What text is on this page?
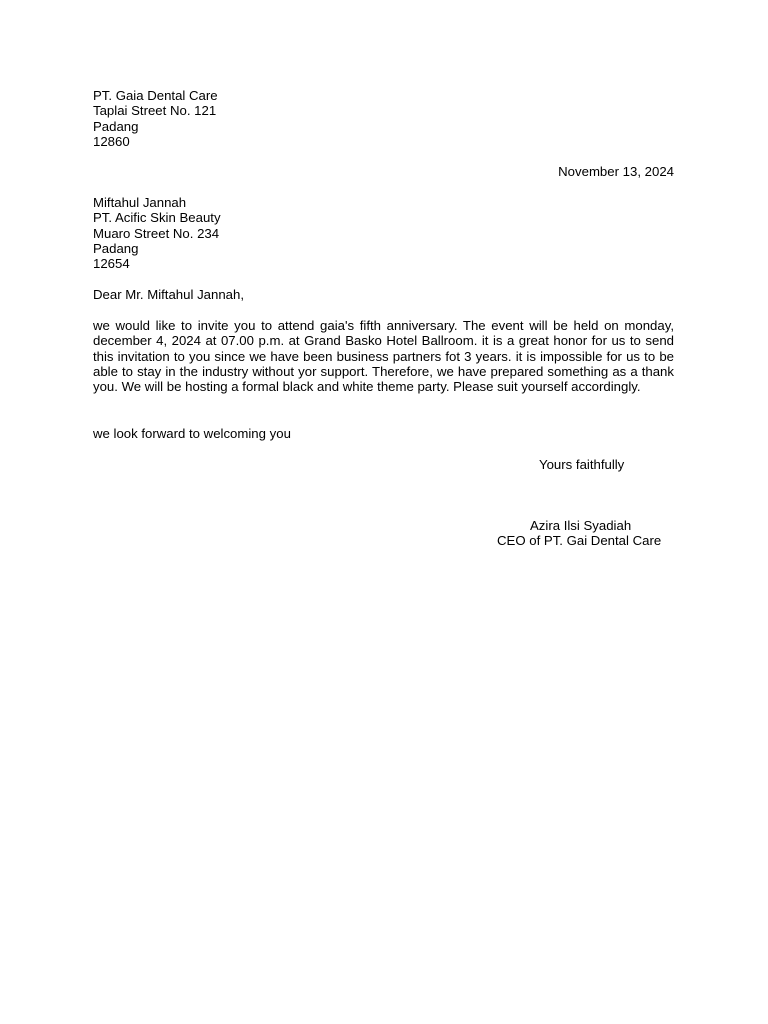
PT. Gaia Dental Care
Taplai Street No. 121
Padang
12860
November 13, 2024
Miftahul Jannah
PT. Acific Skin Beauty
Muaro Street No. 234
Padang
12654
Dear Mr. Miftahul Jannah,
we would like to invite you to attend gaia's fifth anniversary. The event will be held on monday, december 4, 2024 at 07.00 p.m. at Grand Basko Hotel Ballroom. it is a great honor for us to send this invitation to you since we have been business partners fot 3 years. it is impossible for us to be able to stay in the industry without yor support. Therefore, we have prepared something as a thank you. We will be hosting a formal black and white theme party. Please suit yourself accordingly.
we look forward to welcoming you
Yours faithfully
Azira Ilsi Syadiah
CEO of PT. Gai Dental Care
